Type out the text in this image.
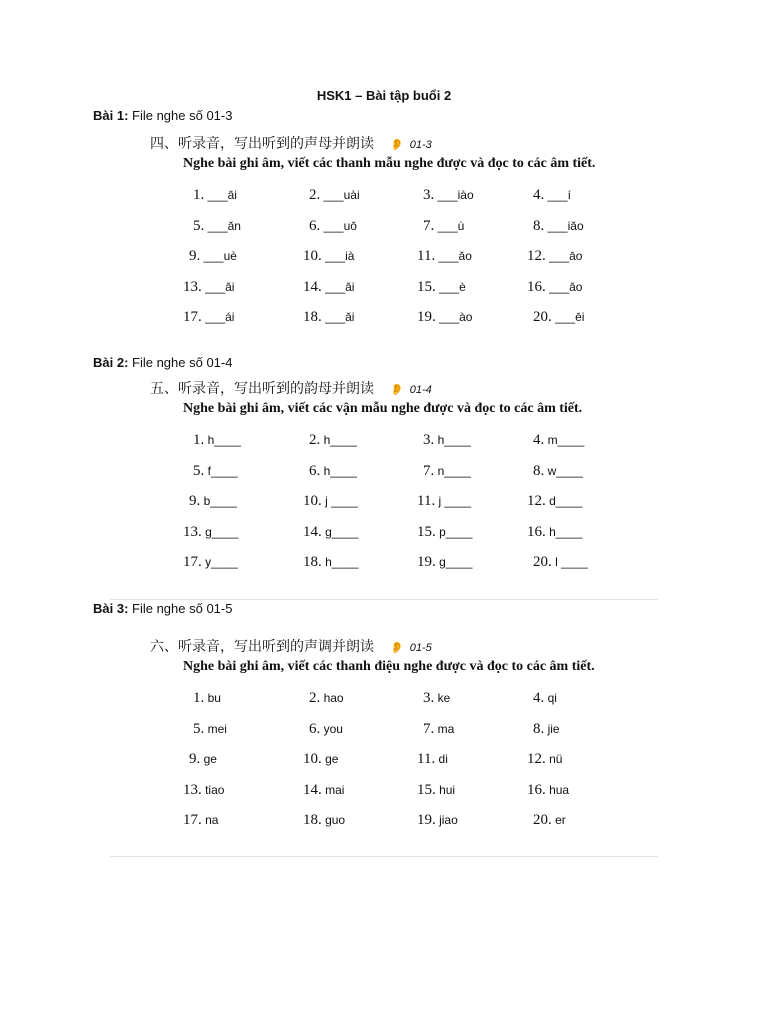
HSK1 – Bài tập buổi 2
Bài 1: File nghe số 01-3
四、听录音，写出听到的声母并朗读 👂 01-3
Nghe bài ghi âm, viết các thanh mẫu nghe được và đọc to các âm tiết.
1. ___āi	2. ___uài	3. ___iào	4. ___í
5. ___ǎn	6. ___uǒ	7. ___ù	8. ___iǎo
9. ___uè	10. ___ià	11. ___ǎo	12. ___āo
13. ___ǎi	14. ___ǎi	15. ___è	16. ___ǎo
17. ___ái	18. ___ǎi	19. ___ào	20. ___ēi
Bài 2: File nghe số 01-4
五、听录音，写出听到的韵母并朗读 👂 01-4
Nghe bài ghi âm, viết các vận mẫu nghe được và đọc to các âm tiết.
1. h____	2. h____	3. h____	4. m____
5. f____	6. h____	7. n____	8. w____
9. b____	10. j ____	11. j ____	12. d____
13. g____	14. g____	15. p____	16. h____
17. y____	18. h____	19. g____	20. l ____
Bài 3: File nghe số 01-5
六、听录音，写出听到的声调并朗读 👂 01-5
Nghe bài ghi âm, viết các thanh điệu nghe được và đọc to các âm tiết.
1. bu	2. hao	3. ke	4. qi
5. mei	6. you	7. ma	8. jie
9. ge	10. ge	11. di	12. nü
13. tiao	14. mai	15. hui	16. hua
17. na	18. guo	19. jiao	20. er
